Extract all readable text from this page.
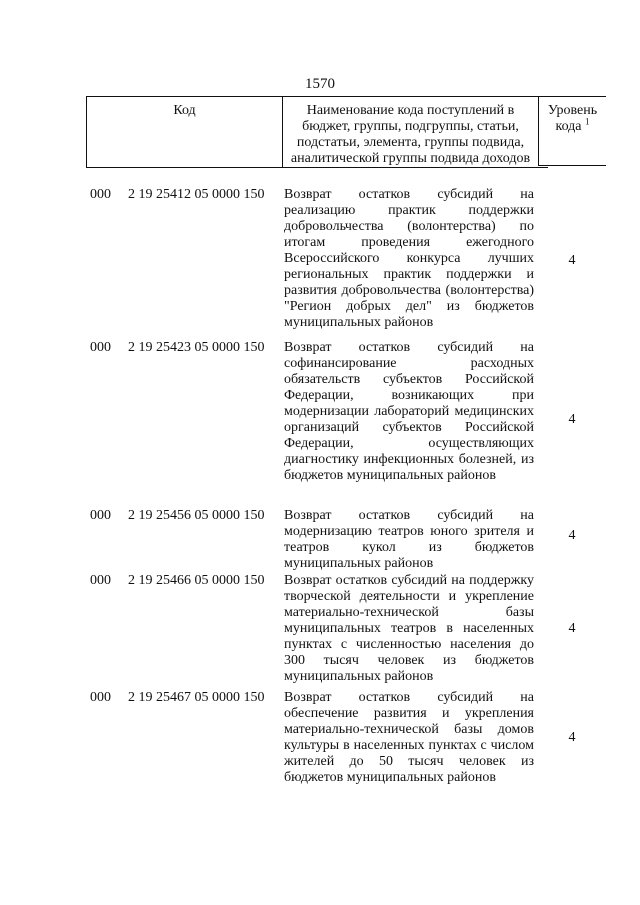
1570
Код	Наименование кода поступлений в
бюджет, группы, подгруппы, статьи,
подстатьи, элемента, группы подвида,
аналитической группы подвида доходов
Уровень
кода $^1$
000 2 19 25412 05 0000 150 Возврат остатков субсидий на реализацию практик поддержки добровольчества (волонтерства) по итогам проведения ежегодного Всероссийского конкурса лучших региональных практик поддержки и развития добровольчества (волонтерства) "Регион добрых дел" из бюджетов муниципальных районов
4
000 2 19 25423 05 0000 150 Возврат остатков субсидий на софинансирование расходных обязательств субъектов Российской Федерации, возникающих при модернизации лабораторий медицинских организаций субъектов Российской Федерации, осуществляющих диагностику инфекционных болезней, из бюджетов муниципальных районов
4
000 2 19 25456 05 0000 150 Возврат остатков субсидий на модернизацию театров юного зрителя и театров кукол из бюджетов муниципальных районов
4
000 2 19 25466 05 0000 150 Возврат остатков субсидий на поддержку творческой деятельности и укрепление материально-технической базы муниципальных театров в населенных пунктах с численностью населения до 300 тысяч человек из бюджетов муниципальных районов
4
000 2 19 25467 05 0000 150 Возврат остатков субсидий на обеспечение развития и укрепления материально-технической базы домов культуры в населенных пунктах с числом жителей до 50 тысяч человек из бюджетов муниципальных районов
4
